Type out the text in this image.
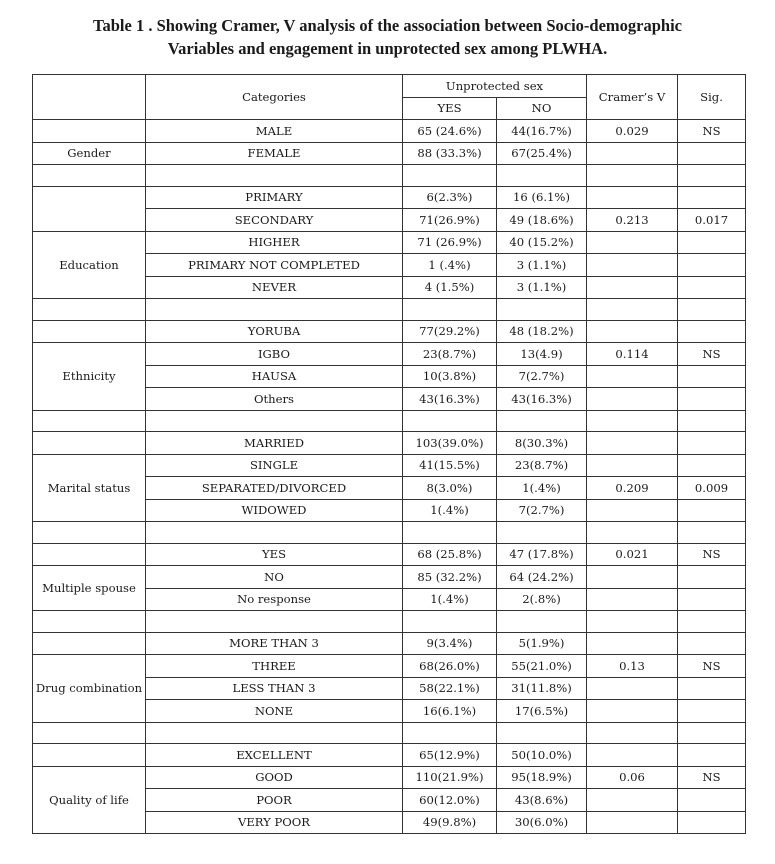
Table 1 . Showing Cramer, V analysis of the association between Socio-demographic
Variables and engagement in unprotected sex among PLWHA.
	Categories	Unprotected sex		Cramer’s V	Sig.
		YES	NO		
	MALE	65 (24.6%)	44(16.7%)	0.029	NS
Gender	FEMALE	88 (33.3%)	67(25.4%)		

	PRIMARY	6(2.3%)	16 (6.1%)		
	SECONDARY	71(26.9%)	49 (18.6%)	0.213	0.017
Education	HIGHER	71 (26.9%)	40 (15.2%)		
	PRIMARY NOT COMPLETED	1 (.4%)	3 (1.1%)		
	NEVER	4 (1.5%)	3 (1.1%)		

	YORUBA	77(29.2%)	48 (18.2%)		
Ethnicity	IGBO	23(8.7%)	13(4.9)	0.114	NS
	HAUSA	10(3.8%)	7(2.7%)		
	Others	43(16.3%)	43(16.3%)		

	MARRIED	103(39.0%)	8(30.3%)		
Marital status	SINGLE	41(15.5%)	23(8.7%)		
	SEPARATED/DIVORCED	8(3.0%)	1(.4%)	0.209	0.009
	WIDOWED	1(.4%)	7(2.7%)		

	YES	68 (25.8%)	47 (17.8%)	0.021	NS
Multiple spouse	NO	85 (32.2%)	64 (24.2%)		
	No response	1(.4%)	2(.8%)		

	MORE THAN 3	9(3.4%)	5(1.9%)		
Drug combination	THREE	68(26.0%)	55(21.0%)	0.13	NS
	LESS THAN 3	58(22.1%)	31(11.8%)		
	NONE	16(6.1%)	17(6.5%)		

	EXCELLENT	65(12.9%)	50(10.0%)		
Quality of life	GOOD	110(21.9%)	95(18.9%)	0.06	NS
	POOR	60(12.0%)	43(8.6%)		
	VERY POOR	49(9.8%)	30(6.0%)		
